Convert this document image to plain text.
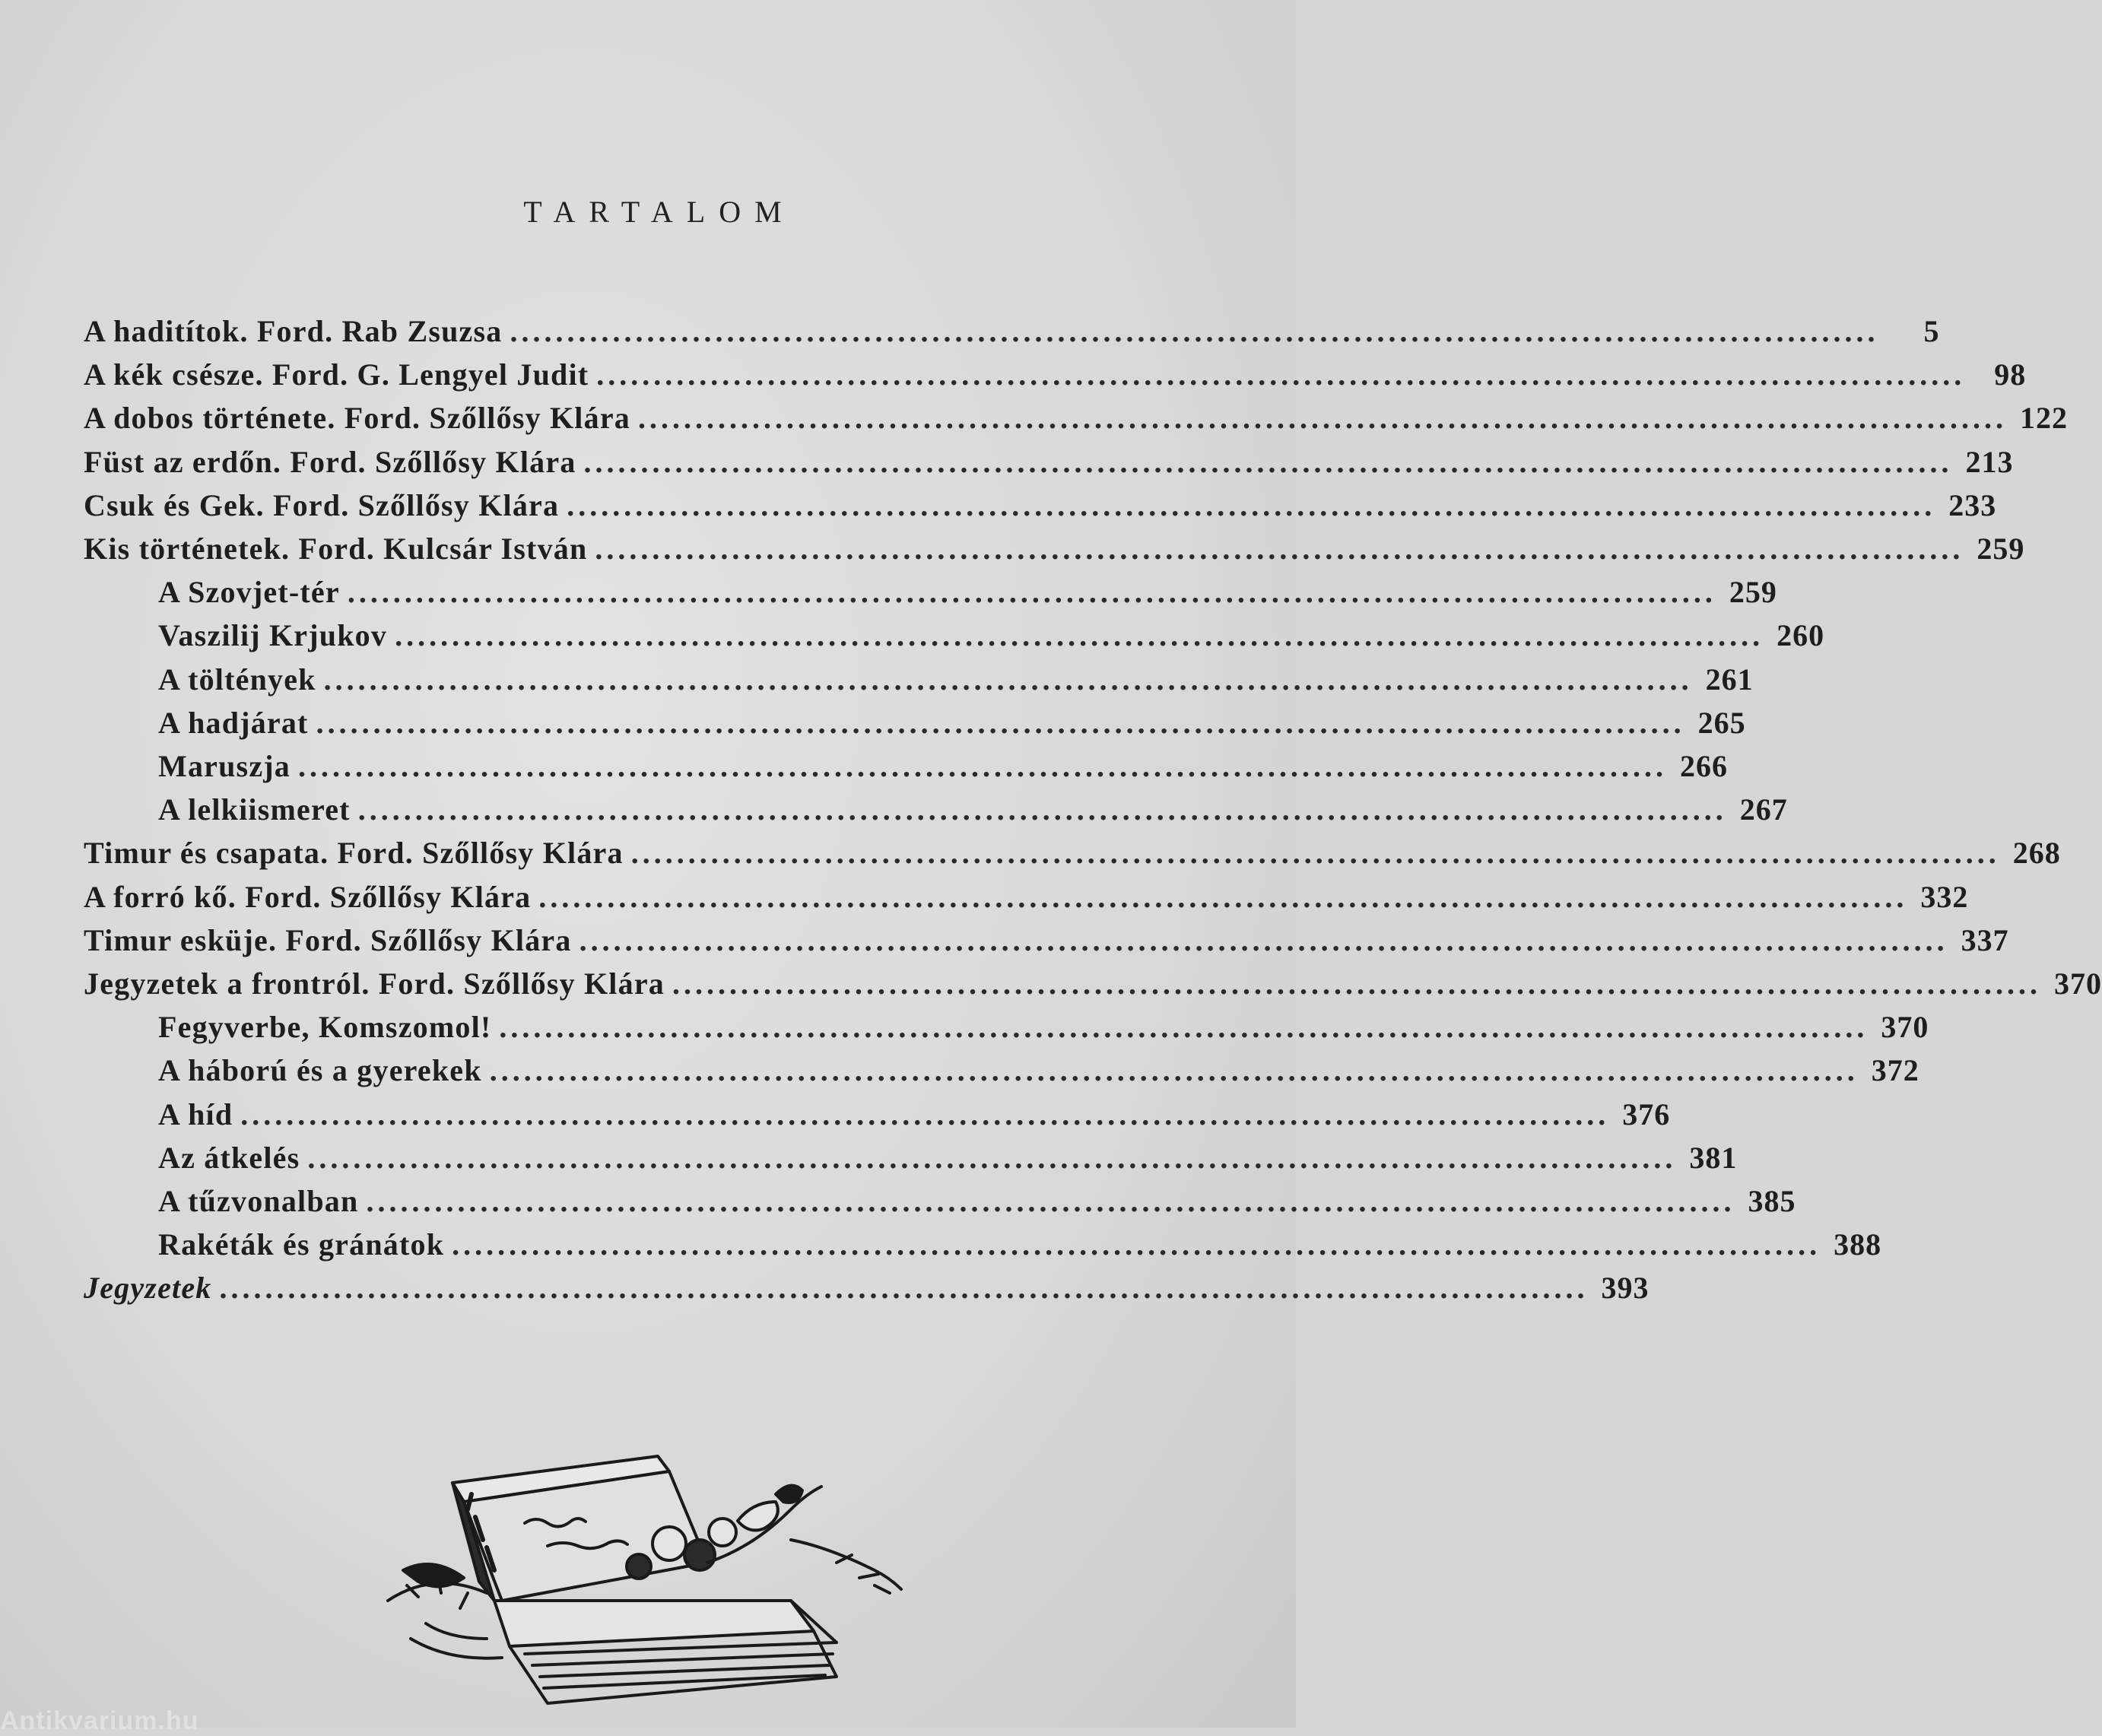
TARTALOM
A haditítok. Ford. Rab Zsuzsa ........................................................................................................................	5
A kék csésze. Ford. G. Lengyel Judit ........................................................................................................................ 98
A dobos története. Ford. Szőllősy Klára ........................................................................................................................ 122
Füst az erdőn. Ford. Szőllősy Klára ........................................................................................................................ 213
Csuk és Gek. Ford. Szőllősy Klára ........................................................................................................................ 233
Kis történetek. Ford. Kulcsár István ........................................................................................................................ 259
A Szovjet-tér ........................................................................................................................ 259
Vaszilij Krjukov ........................................................................................................................ 260
A töltények ........................................................................................................................ 261
A hadjárat ........................................................................................................................ 265
Maruszja ........................................................................................................................ 266
A lelkiismeret ........................................................................................................................ 267
Timur és csapata. Ford. Szőllősy Klára ........................................................................................................................ 268
A forró kő. Ford. Szőllősy Klára ........................................................................................................................ 332
Timur esküje. Ford. Szőllősy Klára ........................................................................................................................ 337
Jegyzetek a frontról. Ford. Szőllősy Klára ........................................................................................................................ 370
Fegyverbe, Komszomol! ........................................................................................................................ 370
A háború és a gyerekek ........................................................................................................................ 372
A híd ........................................................................................................................ 376
Az átkelés ........................................................................................................................ 381
A tűzvonalban ........................................................................................................................ 385
Rakéták és gránátok ........................................................................................................................ 388
Jegyzetek ........................................................................................................................ 393
Antikvarium.hu
